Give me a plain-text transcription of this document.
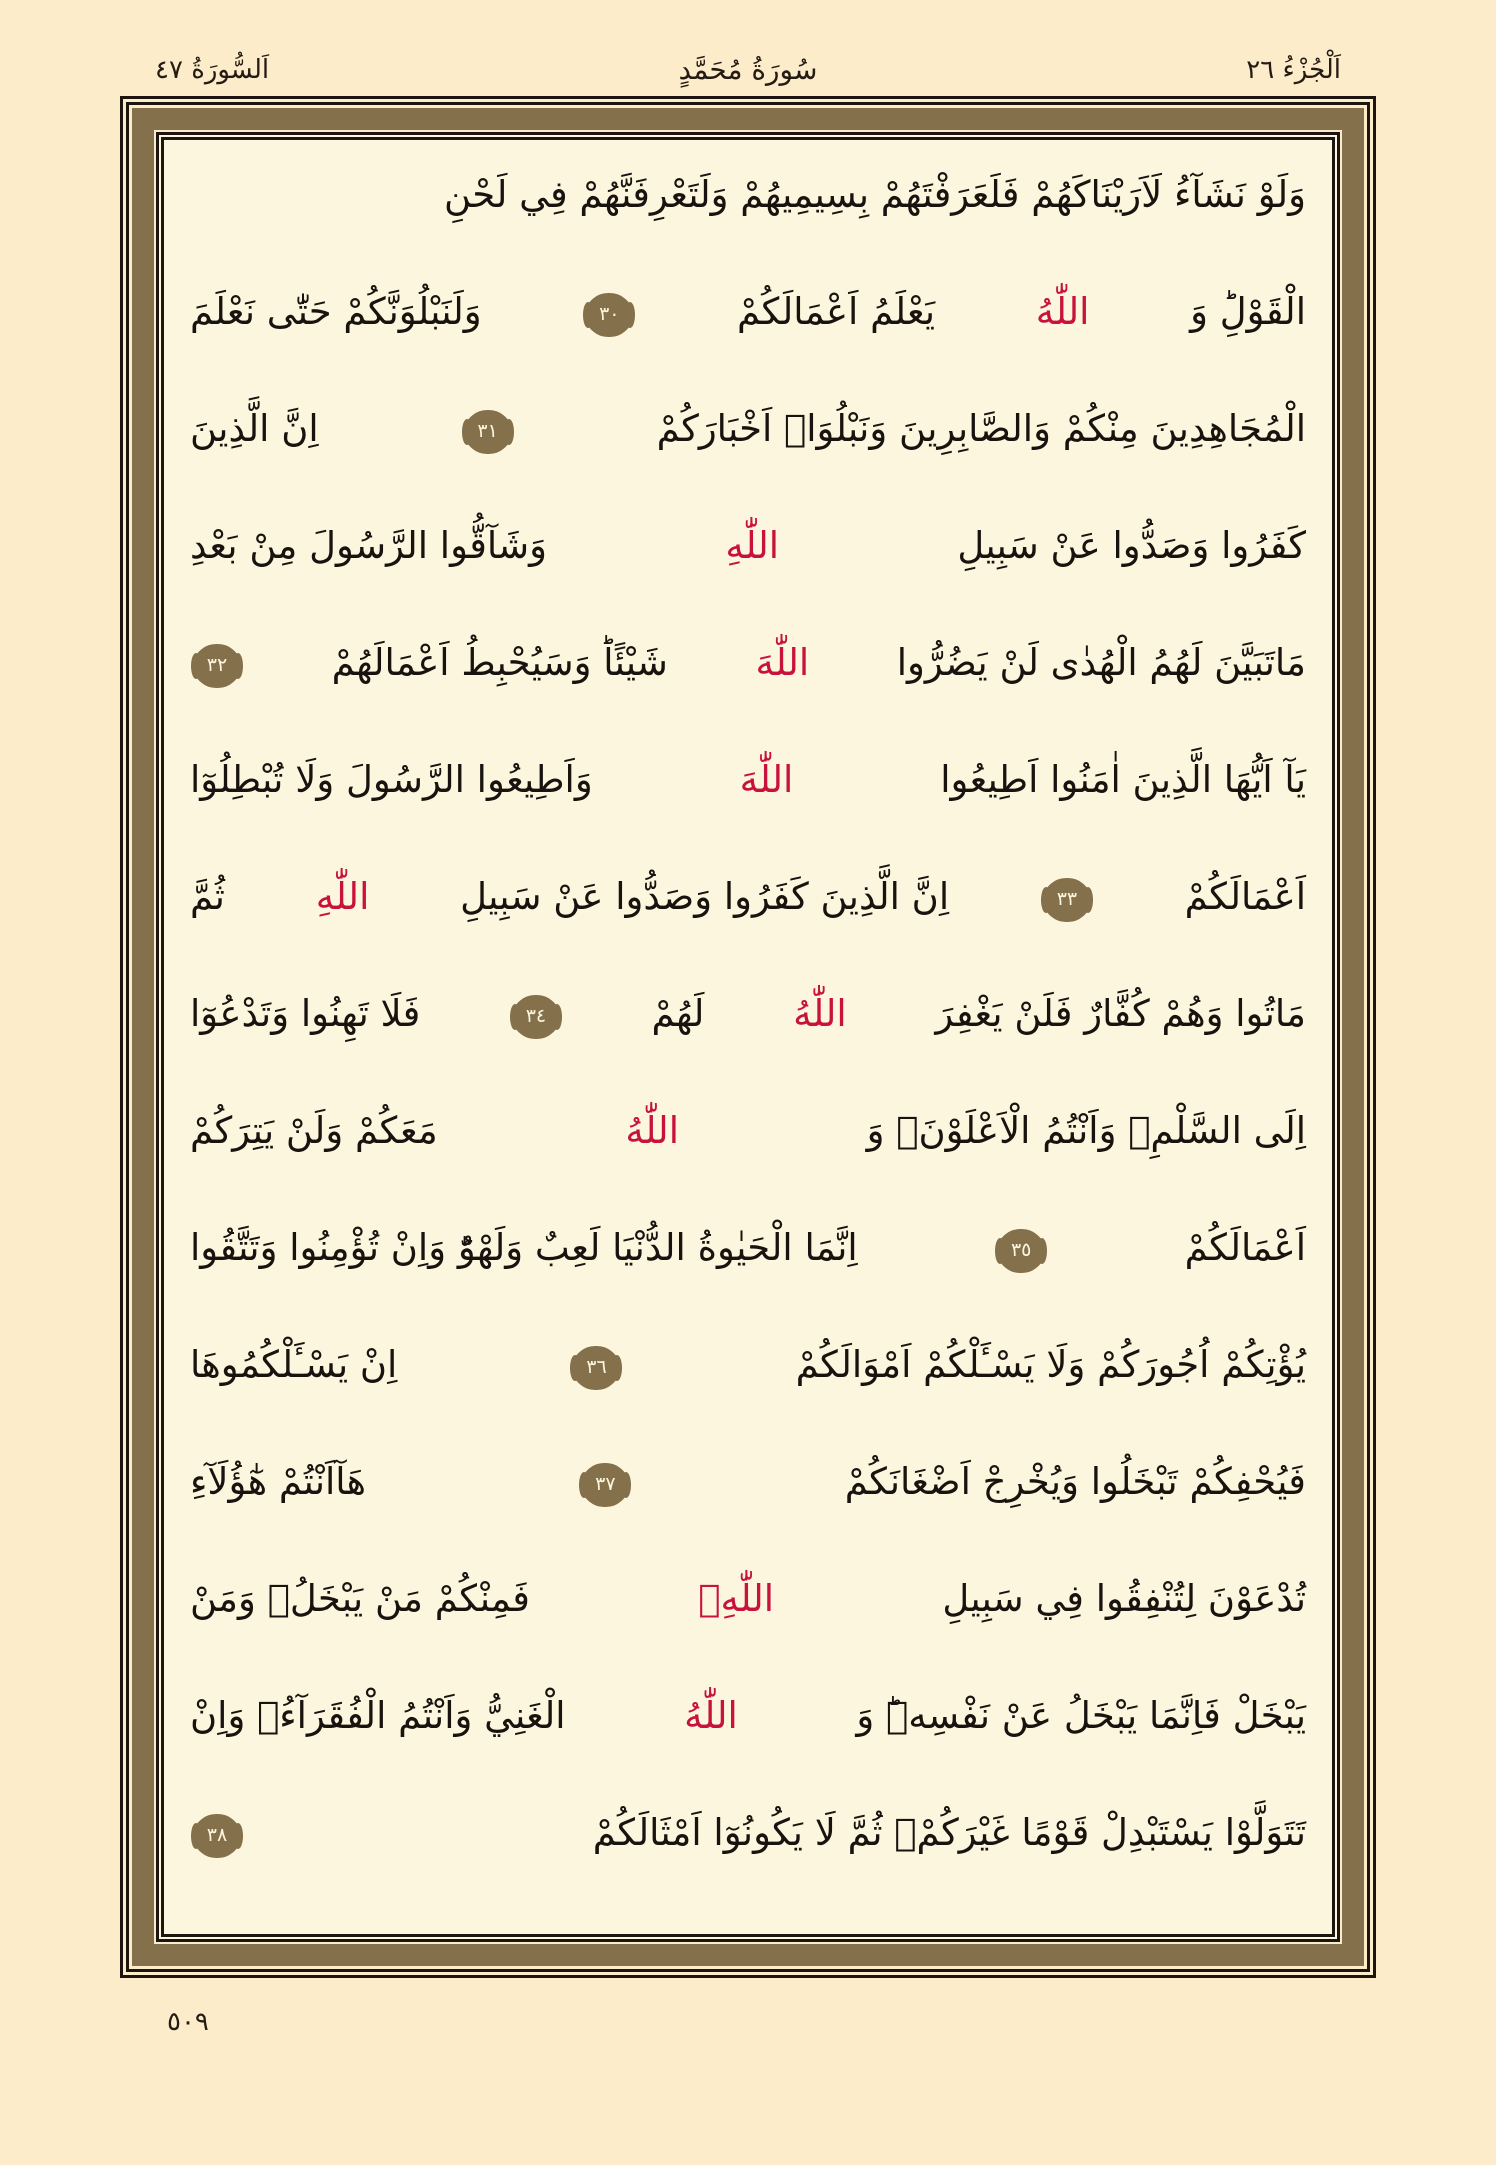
اَلسُّورَةُ ٤٧	سُورَةُ مُحَمَّدٍ	اَلْجُزْءُ ٢٦
وَلَوْ نَشَآءُ لَاَرَيْنَاكَهُمْ فَلَعَرَفْتَهُمْ بِسِيمِيهُمْ وَلَتَعْرِفَنَّهُمْ فِي لَحْنِ
الْقَوْلِؕ وَ
اللّٰهُ
يَعْلَمُ اَعْمَالَكُمْ
٣٠
وَلَنَبْلُوَنَّكُمْ حَتّٰى نَعْلَمَ
الْمُجَاهِدِينَ مِنْكُمْ وَالصَّابِرِينَ وَنَبْلُوَا۟ اَخْبَارَكُمْ
٣١
اِنَّ الَّذِينَ
كَفَرُوا وَصَدُّوا عَنْ سَبِيلِ
اللّٰهِ
وَشَآقُّوا الرَّسُولَ مِنْ بَعْدِ
مَاتَبَيَّنَ لَهُمُ الْهُدٰى لَنْ يَضُرُّوا
اللّٰهَ
شَيْئًاؕ وَسَيُحْبِطُ اَعْمَالَهُمْ
٣٢
يَآ اَيُّهَا الَّذِينَ اٰمَنُوا اَطِيعُوا
اللّٰهَ
وَاَطِيعُوا الرَّسُولَ وَلَا تُبْطِلُوٓا
اَعْمَالَكُمْ
٣٣
اِنَّ الَّذِينَ كَفَرُوا وَصَدُّوا عَنْ سَبِيلِ
اللّٰهِ
ثُمَّ
مَاتُوا وَهُمْ كُفَّارٌ فَلَنْ يَغْفِرَ
اللّٰهُ
لَهُمْ
٣٤
فَلَا تَهِنُوا وَتَدْعُوٓا
اِلَى السَّلْمِۖ وَاَنْتُمُ الْاَعْلَوْنَۗ وَ
اللّٰهُ
مَعَكُمْ وَلَنْ يَتِرَكُمْ
اَعْمَالَكُمْ
٣٥
اِنَّمَا الْحَيٰوةُ الدُّنْيَا لَعِبٌ وَلَهْوٌؕ وَاِنْ تُؤْمِنُوا وَتَتَّقُوا
يُؤْتِكُمْ اُجُورَكُمْ وَلَا يَسْـَٔلْكُمْ اَمْوَالَكُمْ
٣٦
اِنْ يَسْـَٔلْكُمُوهَا
فَيُحْفِكُمْ تَبْخَلُوا وَيُخْرِجْ اَضْغَانَكُمْ
٣٧
هَآاَنْتُمْ هٰٓؤُلَآءِ
تُدْعَوْنَ لِتُنْفِقُوا فِي سَبِيلِ
اللّٰهِۚ
فَمِنْكُمْ مَنْ يَبْخَلُۚ وَمَنْ
يَبْخَلْ فَاِنَّمَا يَبْخَلُ عَنْ نَفْسِهٖؕ وَ
اللّٰهُ
الْغَنِيُّ وَاَنْتُمُ الْفُقَرَآءُۚ وَاِنْ
تَتَوَلَّوْا يَسْتَبْدِلْ قَوْمًا غَيْرَكُمْۙ ثُمَّ لَا يَكُونُوٓا اَمْثَالَكُمْ
٣٨
٥٠٩
